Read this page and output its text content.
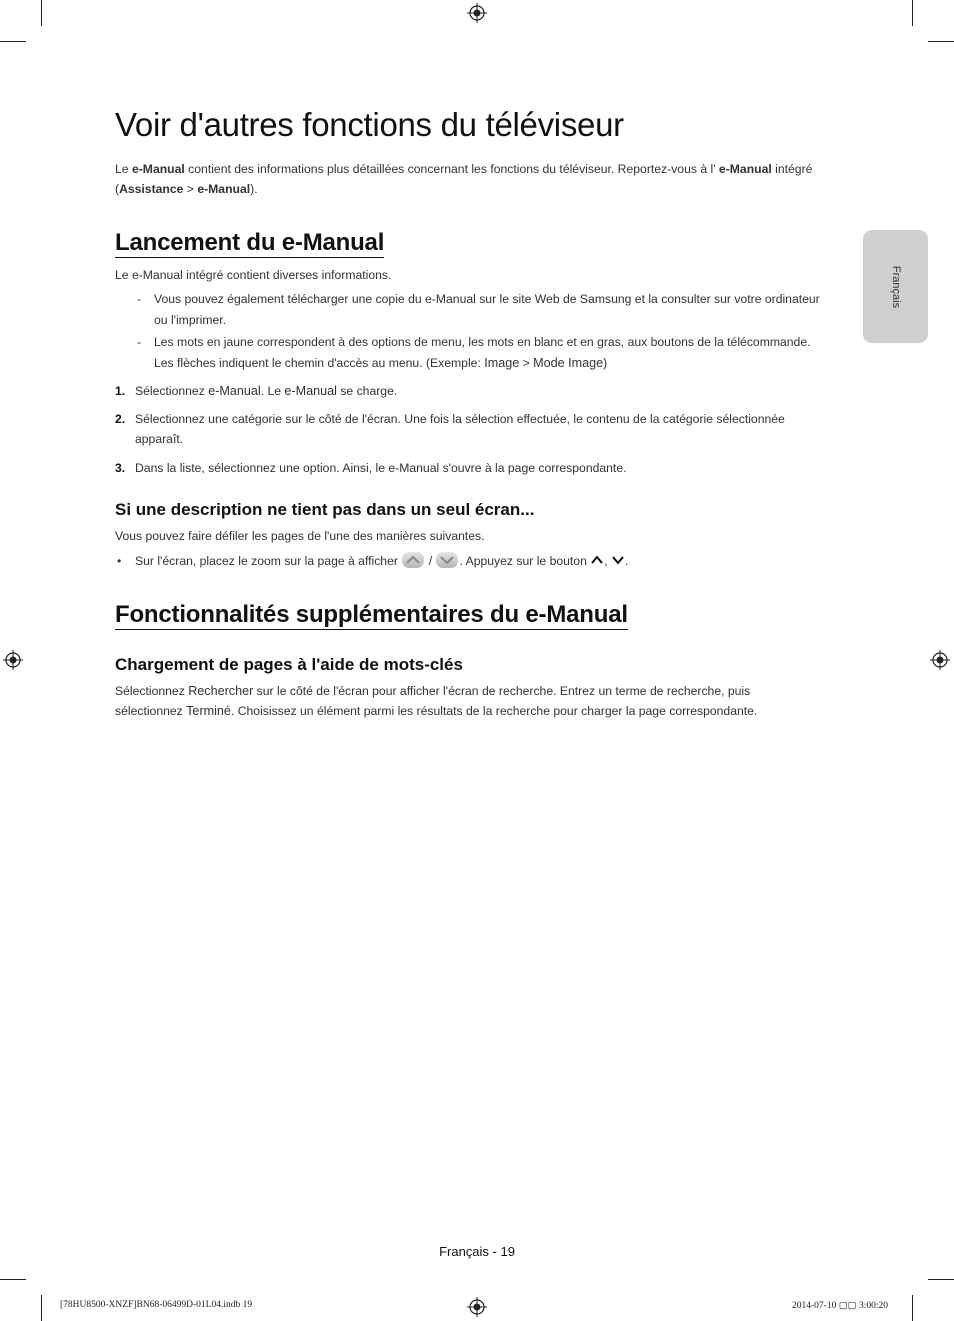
Français
Voir d'autres fonctions du téléviseur

Le e-Manual contient des informations plus détaillées concernant les fonctions du téléviseur. Reportez-vous à l' e-Manual intégré (Assistance > e-Manual).

Lancement du e-Manual

Le e-Manual intégré contient diverses informations.

- Vous pouvez également télécharger une copie du e-Manual sur le site Web de Samsung et la consulter sur votre ordinateur ou l'imprimer.
- Les mots en jaune correspondent à des options de menu, les mots en blanc et en gras, aux boutons de la télécommande. Les flèches indiquent le chemin d'accès au menu. (Exemple: Image > Mode Image)
1. Sélectionnez e-Manual. Le e-Manual se charge.
2. Sélectionnez une catégorie sur le côté de l'écran. Une fois la sélection effectuée, le contenu de la catégorie sélectionnée apparaît.
3. Dans la liste, sélectionnez une option. Ainsi, le e-Manual s'ouvre à la page correspondante.
Si une description ne tient pas dans un seul écran...

Vous pouvez faire défiler les pages de l'une des manières suivantes.

• Sur l'écran, placez le zoom sur la page à afficher  / . Appuyez sur le bouton , .
Fonctionnalités supplémentaires du e-Manual
Chargement de pages à l'aide de mots-clés

Sélectionnez Rechercher sur le côté de l'écran pour afficher l'écran de recherche. Entrez un terme de recherche, puis sélectionnez Terminé. Choisissez un élément parmi les résultats de la recherche pour charger la page correspondante.

Français - 19
[78HU8500-XNZF]BN68-06499D-01L04.indb 19	2014-07-10 ▢▢ 3:00:20
